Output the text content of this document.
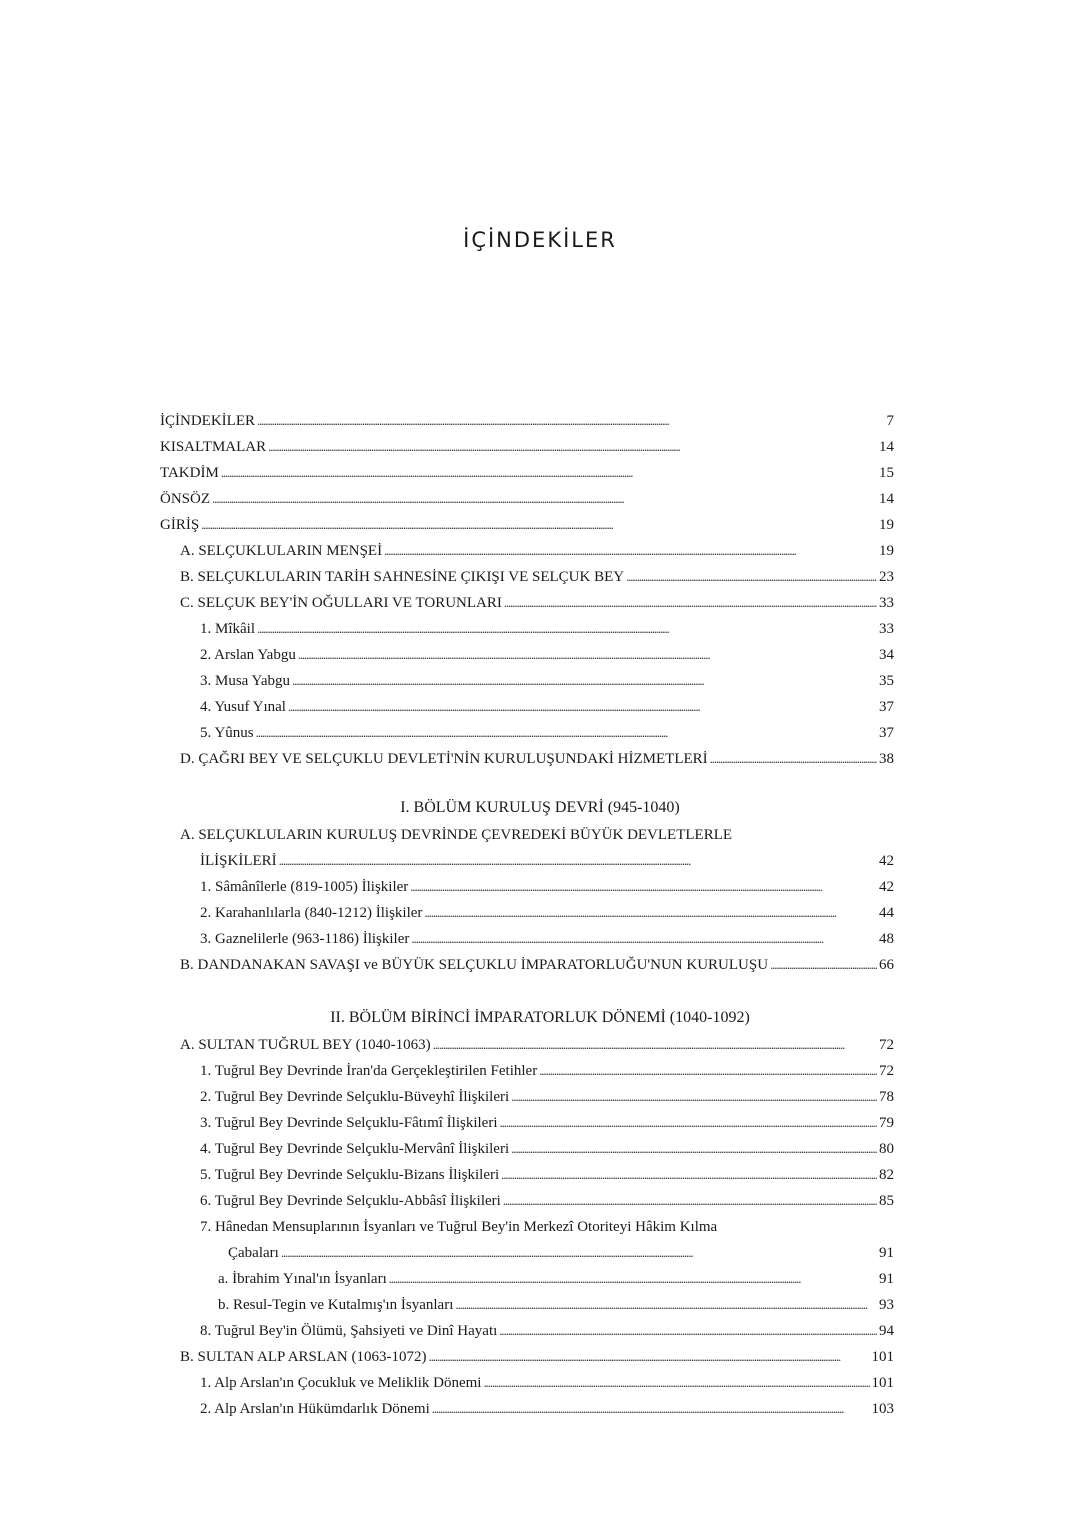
İÇİNDEKİLER
İÇİNDEKİLER . . .	7
KISALTMALAR . . .	14
TAKDİM . . .	15
ÖNSÖZ . . .	14
GİRİŞ . . .	19
A. SELÇUKLULARIN MENŞEİ . . .	19
B. SELÇUKLULARIN TARİH SAHNESİNE ÇIKIŞI VE SELÇUK BEY . . .	23
C. SELÇUK BEY'İN OĞULLARI VE TORUNLARI . . .	33
1. Mîkâil . . .	33
2. Arslan Yabgu . . .	34
3. Musa Yabgu . . .	35
4. Yusuf Yınal . . .	37
5. Yûnus . . .	37
D. ÇAĞRI BEY VE SELÇUKLU DEVLETİ'NİN KURULUŞUNDAKİ HİZMETLERİ . . .	38
I. BÖLÜM KURULUŞ DEVRİ (945-1040)
A. SELÇUKLULARIN KURULUŞ DEVRİNDE ÇEVREDEKİ BÜYÜK DEVLETLERLE
İLİŞKİLERİ . . .	42
1. Sâmânîlerle (819-1005) İlişkiler . . .	42
2. Karahanlılarla (840-1212) İlişkiler . . .	44
3. Gaznelilerle (963-1186) İlişkiler . . .	48
B. DANDANAKAN SAVAŞI ve BÜYÜK SELÇUKLU İMPARATORLUĞU'NUN KURULUŞU . . .	66
II. BÖLÜM BİRİNCİ İMPARATORLUK DÖNEMİ (1040-1092)
A. SULTAN TUĞRUL BEY (1040-1063) . . .	72
1. Tuğrul Bey Devrinde İran'da Gerçekleştirilen Fetihler . . .	72
2. Tuğrul Bey Devrinde Selçuklu-Büveyhî İlişkileri . . .	78
3. Tuğrul Bey Devrinde Selçuklu-Fâtımî İlişkileri . . .	79
4. Tuğrul Bey Devrinde Selçuklu-Mervânî İlişkileri . . .	80
5. Tuğrul Bey Devrinde Selçuklu-Bizans İlişkileri . . .	82
6. Tuğrul Bey Devrinde Selçuklu-Abbâsî İlişkileri . . .	85
7. Hânedan Mensuplarının İsyanları ve Tuğrul Bey'in Merkezî Otoriteyi Hâkim Kılma
Çabaları . . .	91
a. İbrahim Yınal'ın İsyanları . . .	91
b. Resul-Tegin ve Kutalmış'ın İsyanları . . .	93
8. Tuğrul Bey'in Ölümü, Şahsiyeti ve Dinî Hayatı . . .	94
B. SULTAN ALP ARSLAN (1063-1072) . . .	101
1. Alp Arslan'ın Çocukluk ve Meliklik Dönemi . . .	101
2. Alp Arslan'ın Hükümdarlık Dönemi . . .	103
